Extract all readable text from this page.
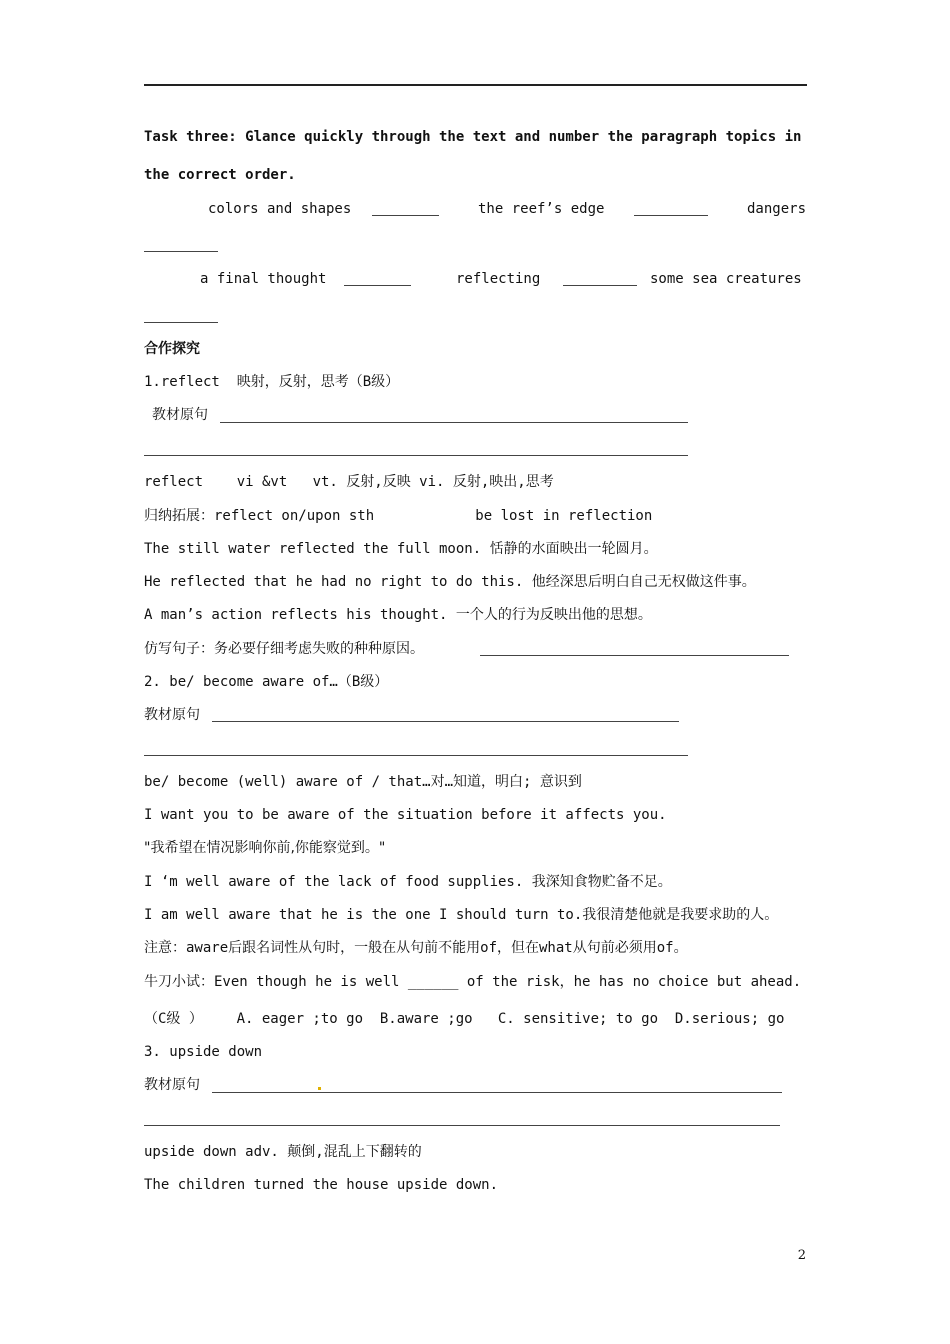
Task three: Glance quickly through the text and number the paragraph topics in
the correct order.
colors and shapes	the reef’s edge	dangers
a final thought	reflecting	some sea creatures
合作探究
1.reflect  映射，反射，思考（B级）
教材原句
reflect    vi &vt   vt. 反射,反映 vi. 反射,映出,思考
归纳拓展：reflect on/upon sth            be lost in reflection
The still water reflected the full moon. 恬静的水面映出一轮圆月。
He reflected that he had no right to do this. 他经深思后明白自己无权做这件事。
A man’s action reflects his thought. 一个人的行为反映出他的思想。
仿写句子：务必要仔细考虑失败的种种原因。
2. be/ become aware of…（B级）
教材原句
be/ become (well) aware of / that…对…知道，明白; 意识到
I want you to be aware of the situation before it affects you.
"我希望在情况影响你前,你能察觉到。"
I ‘m well aware of the lack of food supplies. 我深知食物贮备不足。
I am well aware that he is the one I should turn to.我很清楚他就是我要求助的人。
注意：aware后跟名词性从句时，一般在从句前不能用of，但在what从句前必须用of。
牛刀小试：Even though he is well ______ of the risk，he has no choice but ahead.
（C级 ）    A. eager ;to go  B.aware ;go   C. sensitive; to go  D.serious; go
3. upside down
教材原句
upside down adv. 颠倒,混乱上下翻转的
The children turned the house upside down.
2
